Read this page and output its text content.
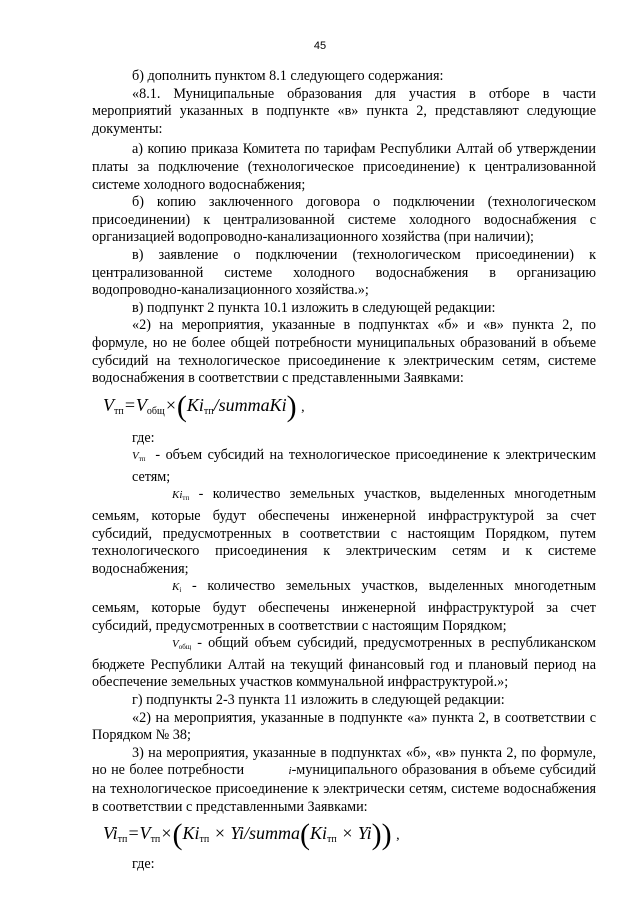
45

б) дополнить пунктом 8.1 следующего содержания:

«8.1. Муниципальные образования для участия в отборе в части мероприятий указанных в подпункте «в» пункта 2, представляют следующие документы:

а) копию приказа Комитета по тарифам Республики Алтай об утверждении платы за подключение (технологическое присоединение) к централизованной системе холодного водоснабжения;

б) копию заключенного договора о подключении (технологическом присоединении) к централизованной системе холодного водоснабжения с организацией водопроводно-канализационного хозяйства (при наличии);

в) заявление о подключении (технологическом присоединении) к централизованной системе холодного водоснабжения в организацию водопроводно-канализационного хозяйства.»;

в) подпункт 2 пункта 10.1 изложить в следующей редакции:

«2) на мероприятия, указанные в подпунктах «б» и «в» пункта 2, по формуле, но не более общей потребности муниципальных образований в объеме субсидий на технологическое присоединение к электрическим сетям, системе водоснабжения в соответствии с представленными Заявками:

$V_{тп}=V_{общ}\times(Ki_{тп}/summaKi)$ ,

где:

$V_{тп}$ - объем субсидий на технологическое присоединение к электрическим сетям;

$Ki_{тп}$ - количество земельных участков, выделенных многодетным семьям, которые будут обеспечены инженерной инфраструктурой за счет субсидий, предусмотренных в соответствии с настоящим Порядком, путем технологического присоединения к электрическим сетям и к системе водоснабжения;

$K_i$ - количество земельных участков, выделенных многодетным семьям, которые будут обеспечены инженерной инфраструктурой за счет субсидий, предусмотренных в соответствии с настоящим Порядком;

$V_{общ}$ - общий объем субсидий, предусмотренных в республиканском бюджете Республики Алтай на текущий финансовый год и плановый период на обеспечение земельных участков коммунальной инфраструктурой.»;

г) подпункты 2-3 пункта 11 изложить в следующей редакции:

«2) на мероприятия, указанные в подпункте «а» пункта 2, в соответствии с Порядком № 38;

3) на мероприятия, указанные в подпунктах «б», «в» пункта 2, по формуле, но не более потребности	i-муниципального образования в объеме субсидий на технологическое присоединение к электрически сетям, системе водоснабжения в соответствии с представленными Заявками:

$Vi_{тп}=V_{тп}\times(Ki_{тп}$ × $Yi/summa(Ki_{тп} \times Yi)$) ,

где:
